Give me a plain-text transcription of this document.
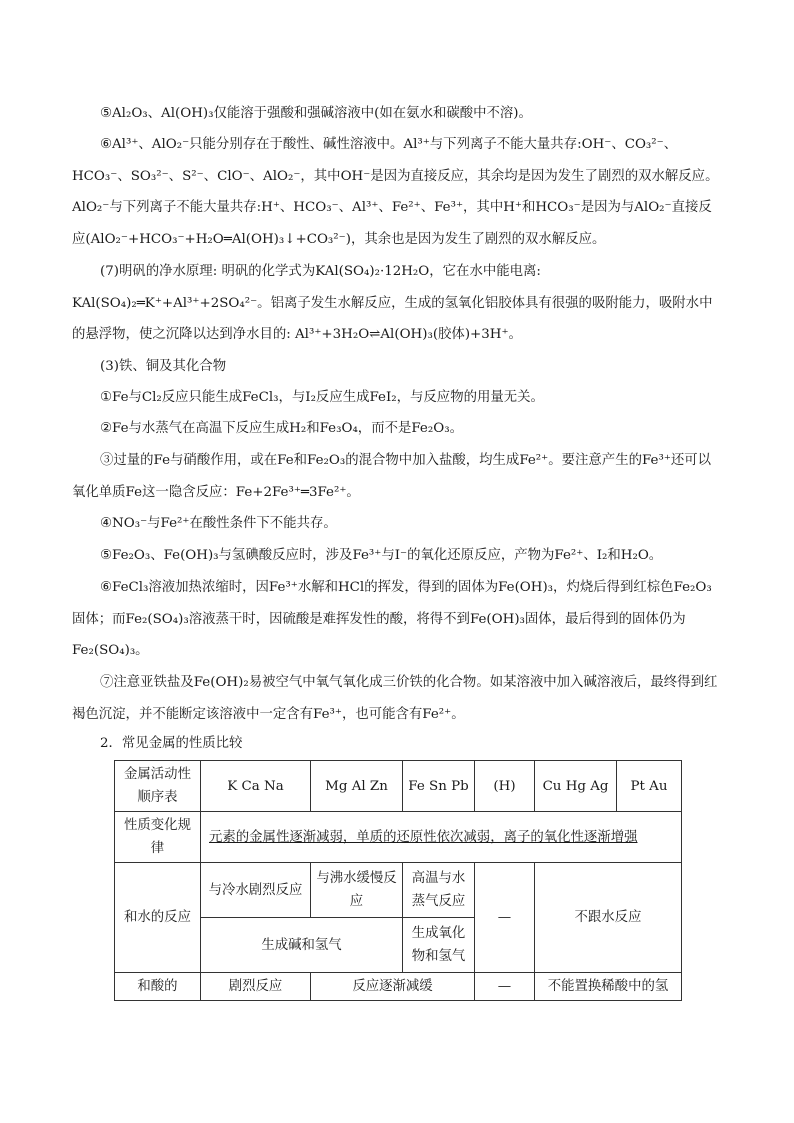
⑤Al₂O₃、Al(OH)₃仅能溶于强酸和强碱溶液中(如在氨水和碳酸中不溶)。

⑥Al³⁺、AlO₂⁻只能分别存在于酸性、碱性溶液中。Al³⁺与下列离子不能大量共存:OH⁻、CO₃²⁻、HCO₃⁻、SO₃²⁻、S²⁻、ClO⁻、AlO₂⁻，其中OH⁻是因为直接反应，其余均是因为发生了剧烈的双水解反应。AlO₂⁻与下列离子不能大量共存:H⁺、HCO₃⁻、Al³⁺、Fe²⁺、Fe³⁺，其中H⁺和HCO₃⁻是因为与AlO₂⁻直接反应(AlO₂⁻+HCO₃⁻+H₂O═Al(OH)₃↓+CO₃²⁻)，其余也是因为发生了剧烈的双水解反应。

(7)明矾的净水原理: 明矾的化学式为KAl(SO₄)₂·12H₂O，它在水中能电离: KAl(SO₄)₂═K⁺+Al³⁺+2SO₄²⁻。铝离子发生水解反应，生成的氢氧化铝胶体具有很强的吸附能力，吸附水中的悬浮物，使之沉降以达到净水目的: Al³⁺+3H₂O⇌Al(OH)₃(胶体)+3H⁺。

(3)铁、铜及其化合物

①Fe与Cl₂反应只能生成FeCl₃，与I₂反应生成FeI₂，与反应物的用量无关。

②Fe与水蒸气在高温下反应生成H₂和Fe₃O₄，而不是Fe₂O₃。

③过量的Fe与硝酸作用，或在Fe和Fe₂O₃的混合物中加入盐酸，均生成Fe²⁺。要注意产生的Fe³⁺还可以氧化单质Fe这一隐含反应：Fe+2Fe³⁺═3Fe²⁺。

④NO₃⁻与Fe²⁺在酸性条件下不能共存。

⑤Fe₂O₃、Fe(OH)₃与氢碘酸反应时，涉及Fe³⁺与I⁻的氧化还原反应，产物为Fe²⁺、I₂和H₂O。

⑥FeCl₃溶液加热浓缩时，因Fe³⁺水解和HCl的挥发，得到的固体为Fe(OH)₃，灼烧后得到红棕色Fe₂O₃固体；而Fe₂(SO₄)₃溶液蒸干时，因硫酸是难挥发性的酸，将得不到Fe(OH)₃固体，最后得到的固体仍为Fe₂(SO₄)₃。

⑦注意亚铁盐及Fe(OH)₂易被空气中氧气氧化成三价铁的化合物。如某溶液中加入碱溶液后，最终得到红褐色沉淀，并不能断定该溶液中一定含有Fe³⁺，也可能含有Fe²⁺。

2．常见金属的性质比较

金属活动性顺序表	K Ca Na	Mg Al Zn	Fe Sn Pb	(H)	Cu Hg Ag	Pt Au
性质变化规律	元素的金属性逐渐减弱，单质的还原性依次减弱，离子的氧化性逐渐增强					
和水的反应	与冷水剧烈反应	与沸水缓慢反应	高温与水蒸气反应	—	不跟水反应	
	生成碱和氢气		生成氧化物和氢气			
和酸的	剧烈反应	反应逐渐减缓		—	不能置换稀酸中的氢	
